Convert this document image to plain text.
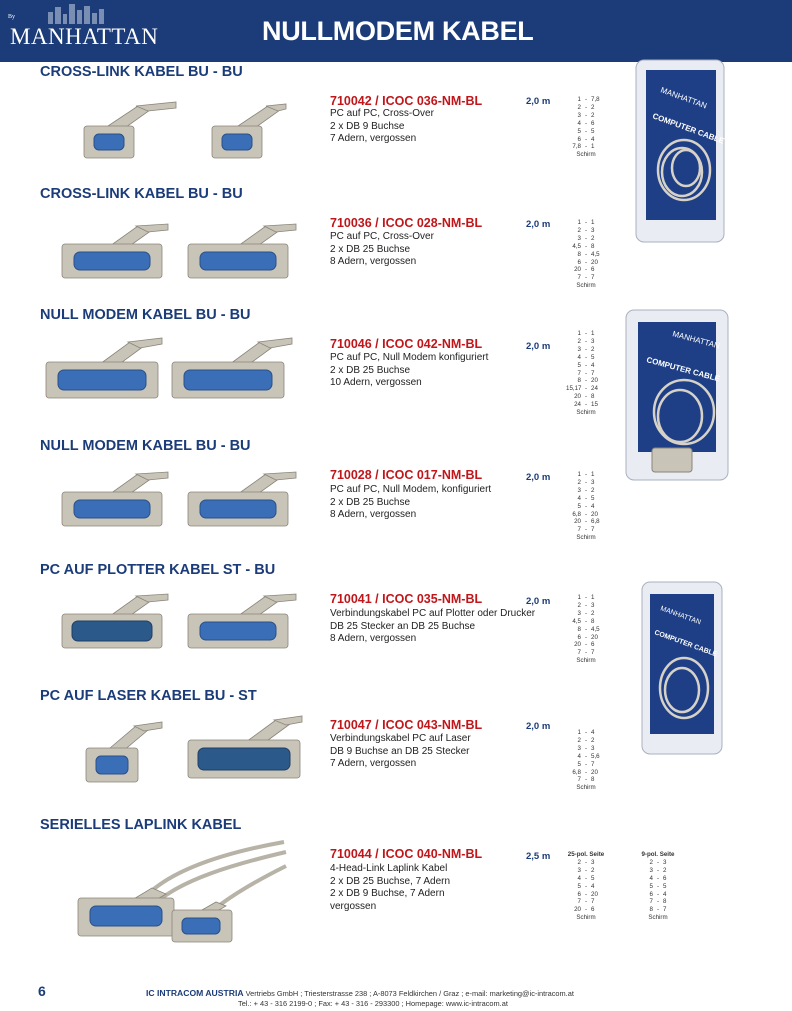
By
MANHATTAN	NULLMODEM KABEL
CROSS-LINK KABEL BU - BU
CROSS-LINK KABEL BU - BU
NULL MODEM KABEL BU - BU
NULL MODEM KABEL BU - BU
PC AUF PLOTTER KABEL ST - BU
PC AUF LASER KABEL BU - ST
SERIELLES LAPLINK KABEL
710042 / ICOC 036-NM-BL
710036 / ICOC 028-NM-BL
710046 / ICOC 042-NM-BL
710028 / ICOC 017-NM-BL
710041 / ICOC 035-NM-BL
710047 / ICOC 043-NM-BL
710044 / ICOC 040-NM-BL
2,0 m
2,0 m
2,0 m
2,0 m
2,0 m
2,0 m
2,5 m
PC auf PC, Cross-Over
2 x DB 9 Buchse
7 Adern, vergossen
PC auf PC, Cross-Over
2 x DB 25 Buchse
8 Adern, vergossen
PC auf PC, Null Modem konfiguriert
2 x DB 25 Buchse
10 Adern, vergossen
PC auf PC, Null Modem, konfiguriert
2 x DB 25 Buchse
8 Adern, vergossen
Verbindungskabel PC auf Plotter oder Drucker
DB 25 Stecker an DB 25 Buchse
8 Adern, vergossen
Verbindungskabel PC auf Laser
DB 9 Buchse an DB 25 Stecker
7 Adern, vergossen
4-Head-Link Laplink Kabel
2 x DB 25 Buchse, 7 Adern
2 x DB 9 Buchse, 7 Adern
vergossen
1 - 7,8
2 - 2
3 - 2
4 - 6
5 - 5
6 - 4
7,8 - 1
Schirm
1 - 1
2 - 3
3 - 2
4,5 - 8
8 - 4,5
6 - 20
20 - 6
7 - 7
Schirm
1 - 1
2 - 3
3 - 2
4 - 5
5 - 4
7 - 7
8 - 20
15,17 - 24
20 - 8
24 - 15
Schirm
1 - 1
2 - 3
3 - 2
4 - 5
5 - 4
6,8 - 20
20 - 6,8
7 - 7
Schirm
1 - 1
2 - 3
3 - 2
4,5 - 8
8 - 4,5
6 - 20
20 - 6
7 - 7
Schirm
1 - 4
2 - 2
3 - 3
4 - 5,6
5 - 7
6,8 - 20
7 - 8
Schirm
25-pol. Seite
2 - 3
3 - 2
4 - 5
5 - 4
6 - 20
7 - 7
20 - 6
Schirm
9-pol. Seite
2 - 3
3 - 2
4 - 6
5 - 5
6 - 4
7 - 8
8 - 7
Schirm
MANHATTAN
COMPUTER CABLE
MANHATTAN
COMPUTER CABLE
MANHATTAN
COMPUTER CABLE
6	IC INTRACOM AUSTRIA Vertriebs GmbH ; Triesterstrasse 238 ; A-8073 Feldkirchen / Graz ; e-mail: marketing@ic-intracom.at
Tel.: + 43 - 316 2199-0 ; Fax: + 43 - 316 - 293300 ; Homepage: www.ic-intracom.at
